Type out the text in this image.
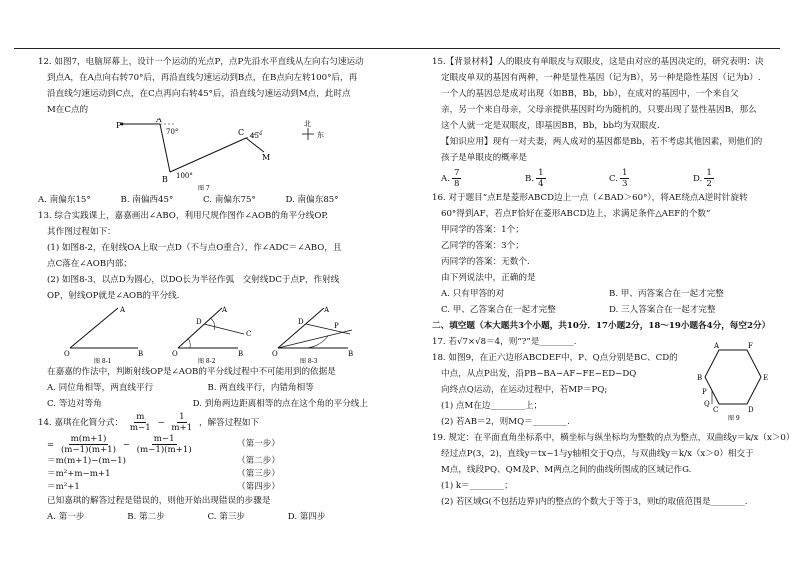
12. 如图7，电脑屏幕上，设计一个运动的光点P，点P先沿水平直线从左向右匀速运动
到点A，在A点向右转70°后，再沿直线匀速运动到B点，在B点向左转100°后，再
沿直线匀速运动到C点，在C点再向右转45°后，沿直线匀速运动到M点，此时点
M在C点的
P
A
70°
B 100°
C 45°
M
北
东
图 7
A. 南偏东15°	B. 南偏西45°	C. 南偏东75°	D. 南偏东85°
13. 综合实践课上，嘉嘉画出∠ABO，利用尺规作图作∠AOB的角平分线OP.
其作图过程如下：
(1) 如图8-2，在射线OA上取一点D（不与点O重合），作∠ADC＝∠ABO，且
点C落在∠AOB内部；
(2) 如图8-3，以点D为圆心，以DO长为半径作弧　交射线DC于点P，作射线
OP，射线OP就是∠AOB的平分线.
A
O	B
图 8-1
A
D
C
O	B
图 8-2
A
D	P
O	B
图 8-3
在嘉嘉的作法中，判断射线OP是∠AOB的平分线过程中不可能用到的依据是
A. 同位角相等，两直线平行	B. 两直线平行，内错角相等
C. 等边对等角	D. 到角两边距离相等的点在这个角的平分线上
14. 嘉琪在化简分式： $\frac{m}{m-1} - \frac{1}{m+1}$ ，解答过程如下
= $\frac{m(m+1)}{(m-1)(m+1)} - \frac{m-1}{(m-1)(m+1)}$	（第一步）
＝m(m+1)−(m−1)	（第二步）
＝m²+m−m+1	（第三步）
＝m²+1	（第四步）
已知嘉琪的解答过程是错误的，则他开始出现错误的步骤是
A. 第一步	B. 第二步	C. 第三步	D. 第四步
15.【背景材料】人的眼皮有单眼皮与双眼皮，这是由对应的基因决定的，研究表明：决
定眼皮单双的基因有两种，一种是显性基因（记为B），另一种是隐性基因（记为b）.
一个人的基因总是成对出现（如BB，Bb，bb），在成对的基因中，一个来自父
亲，另一个来自母亲，父母亲提供基因时均为随机的，只要出现了显性基因B，那么
这个人就一定是双眼皮，即基因BB，Bb，bb均为双眼皮.
【知识应用】现有一对夫妻，两人成对的基因都是Bb，若不考虑其他因素，则他们的
孩子是单眼皮的概率是
A. $\frac{7}{8}$	B. $\frac{1}{4}$	C. $\frac{1}{3}$	D. $\frac{1}{2}$
16. 对于题目“点E是菱形ABCD边上一点（∠BAD＞60°），将AE绕点A逆时针旋转
60°得到AF，若点F恰好在菱形ABCD边上，求满足条件△AEF的个数”
甲同学的答案：1个；
乙同学的答案：3个；
丙同学的答案：无数个.
由下列说法中，正确的是
A. 只有甲答的对	B. 甲、丙答案合在一起才完整
C. 甲、乙答案合在一起才完整	D. 三人答案合在一起才完整
二、填空题（本大题共3个小题，共10分．17小题2分，18～19小题各4分，每空2分）
17. 若√7×√8＝4，则“?”是________.
18. 如图9，在正六边形ABCDEF中，P、Q点分别是BC、CD的
中点，从点P出发，沿PB−BA−AF−FE−ED−DQ
向终点Q运动，在运动过程中，若MP＝PQ;
(1) 点M在边________上；
(2) 若AB＝2，则MQ＝________.
A	F
E
D
C
B
P
Q
图 9
19. 规定：在平面直角坐标系中，横坐标与纵坐标均为整数的点为整点，双曲线y＝k/x（x＞0）
经过点P(3，2)，直线y＝tx−1与y轴相交于Q点，与双曲线y＝k/x（x＞0）相交于
M点，线段PQ、QM及P、M两点之间的曲线所围成的区域记作G.
(1) k＝________；
(2) 若区域G(不包括边界)内的整点的个数大于等于3，则t的取值范围是________.
